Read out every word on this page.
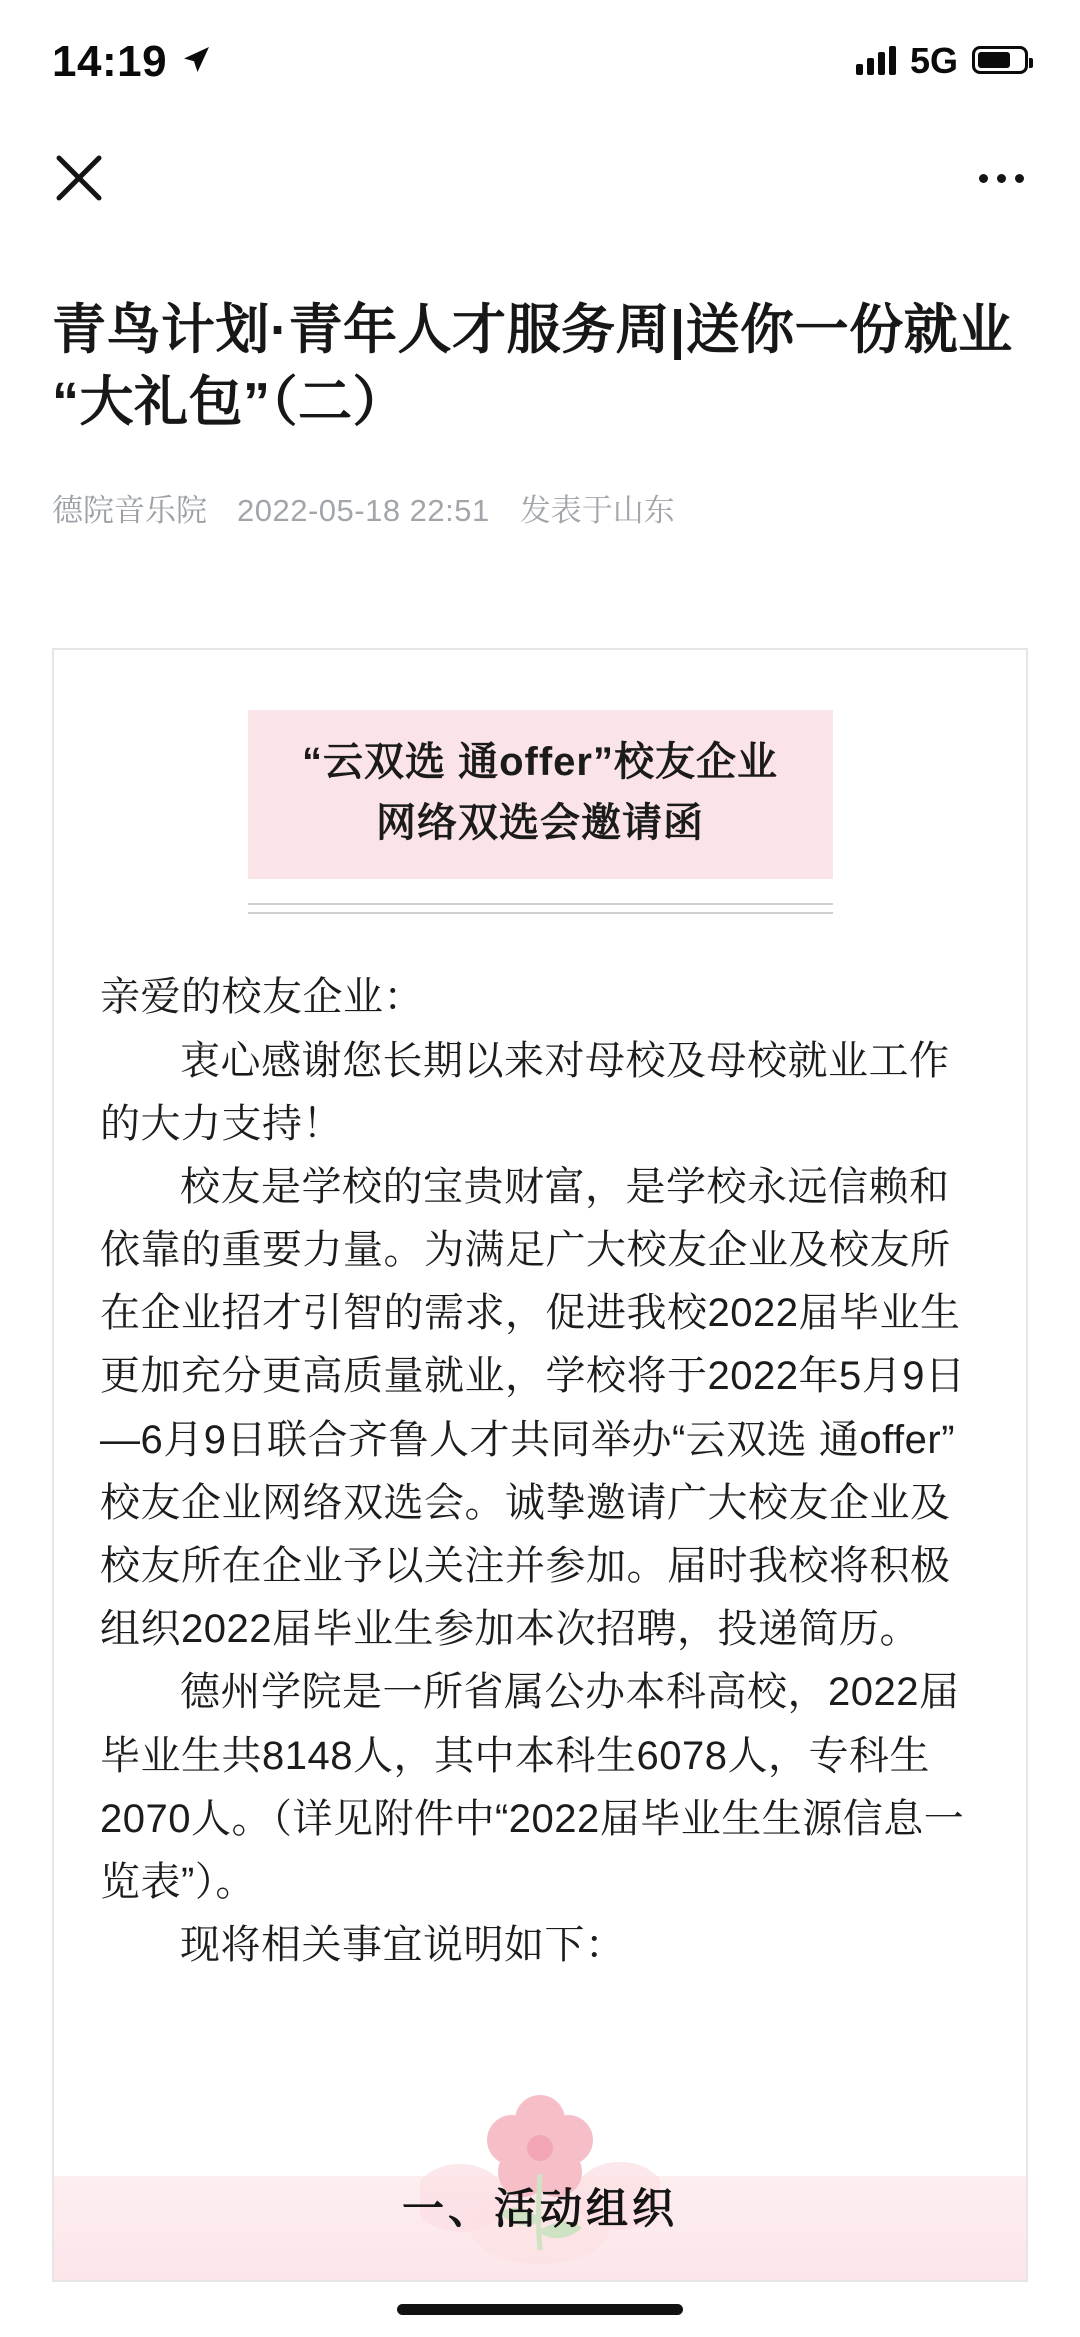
14:19	5G
青鸟计划·青年人才服务周|送你一份就业“大礼包”（二）
德院音乐院 2022-05-18 22:51 发表于山东
“云双选 通offer”校友企业
网络双选会邀请函

亲爱的校友企业：

衷心感谢您长期以来对母校及母校就业工作的大力支持！

校友是学校的宝贵财富，是学校永远信赖和依靠的重要力量。为满足广大校友企业及校友所在企业招才引智的需求，促进我校2022届毕业生更加充分更高质量就业，学校将于2022年5月9日—6月9日联合齐鲁人才共同举办“云双选 通offer”校友企业网络双选会。诚挚邀请广大校友企业及校友所在企业予以关注并参加。届时我校将积极组织2022届毕业生参加本次招聘，投递简历。

德州学院是一所省属公办本科高校，2022届毕业生共8148人，其中本科生6078人，专科生2070人。（详见附件中“2022届毕业生生源信息一览表”）。

现将相关事宜说明如下：

一、活动组织
